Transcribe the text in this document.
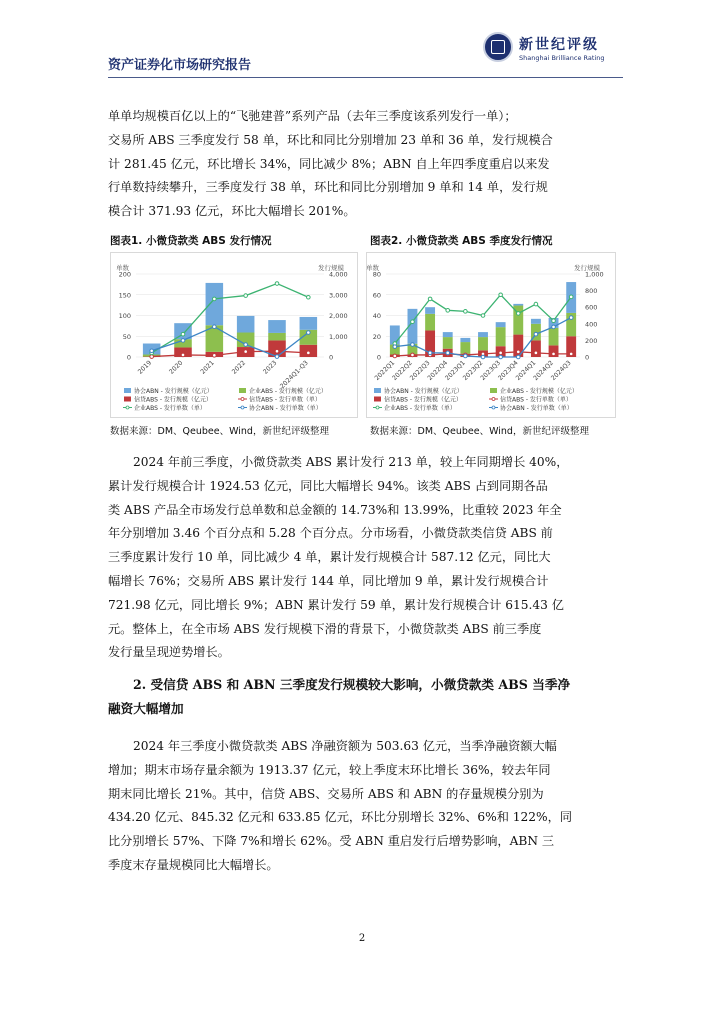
资产证券化市场研究报告
新世纪评级
Shanghai Brilliance Rating
单单均规模百亿以上的“飞驰建普”系列产品（去年三季度该系列发行一单）；
交易所 ABS 三季度发行 58 单，环比和同比分别增加 23 单和 36 单，发行规模合
计 281.45 亿元，环比增长 34%，同比减少 8%；ABN 自上年四季度重启以来发
行单数持续攀升，三季度发行 38 单，环比和同比分别增加 9 单和 14 单，发行规
模合计 371.93 亿元，环比大幅增长 201%。
图表1. 小微贷款类 ABS 发行情况	图表2. 小微贷款类 ABS 季度发行情况
单数	发行规模
0
50
100
150
200
0
1,000
2,000
3,000
4,000
2019 2020 2021 2022 2023 2024Q1-Q3
协会ABN - 发行规模（亿元）	企业ABS - 发行规模（亿元）
信贷ABS - 发行规模（亿元）	信贷ABS - 发行单数（单）
企业ABS - 发行单数（单）	协会ABN - 发行单数（单）
单数	发行规模
0
20
40
60
80
0
200
400
600
800
1,000
2022Q1
2022Q2
2022Q3
2022Q4
2023Q1
2023Q2
2023Q3
2023Q4
2024Q1
2024Q2
2024Q3
协会ABN - 发行规模（亿元）	企业ABS - 发行规模（亿元）
信贷ABS - 发行规模（亿元）	信贷ABS - 发行单数（单）
企业ABS - 发行单数（单）	协会ABN - 发行单数（单）
数据来源：DM、Qeubee、Wind，新世纪评级整理	数据来源：DM、Qeubee、Wind，新世纪评级整理
2024 年前三季度，小微贷款类 ABS 累计发行 213 单，较上年同期增长 40%，
累计发行规模合计 1924.53 亿元，同比大幅增长 94%。该类 ABS 占到同期各品
类 ABS 产品全市场发行总单数和总金额的 14.73%和 13.99%，比重较 2023 年全
年分别增加 3.46 个百分点和 5.28 个百分点。分市场看，小微贷款类信贷 ABS 前
三季度累计发行 10 单，同比减少 4 单，累计发行规模合计 587.12 亿元，同比大
幅增长 76%；交易所 ABS 累计发行 144 单，同比增加 9 单，累计发行规模合计
721.98 亿元，同比增长 9%；ABN 累计发行 59 单，累计发行规模合计 615.43 亿
元。整体上，在全市场 ABS 发行规模下滑的背景下，小微贷款类 ABS 前三季度
发行量呈现逆势增长。
2. 受信贷 ABS 和 ABN 三季度发行规模较大影响，小微贷款类 ABS 当季净
融资大幅增加
2024 年三季度小微贷款类 ABS 净融资额为 503.63 亿元，当季净融资额大幅
增加；期末市场存量余额为 1913.37 亿元，较上季度末环比增长 36%，较去年同
期末同比增长 21%。其中，信贷 ABS、交易所 ABS 和 ABN 的存量规模分别为
434.20 亿元、845.32 亿元和 633.85 亿元，环比分别增长 32%、6%和 122%，同
比分别增长 57%、下降 7%和增长 62%。受 ABN 重启发行后增势影响，ABN 三
季度末存量规模同比大幅增长。
2
